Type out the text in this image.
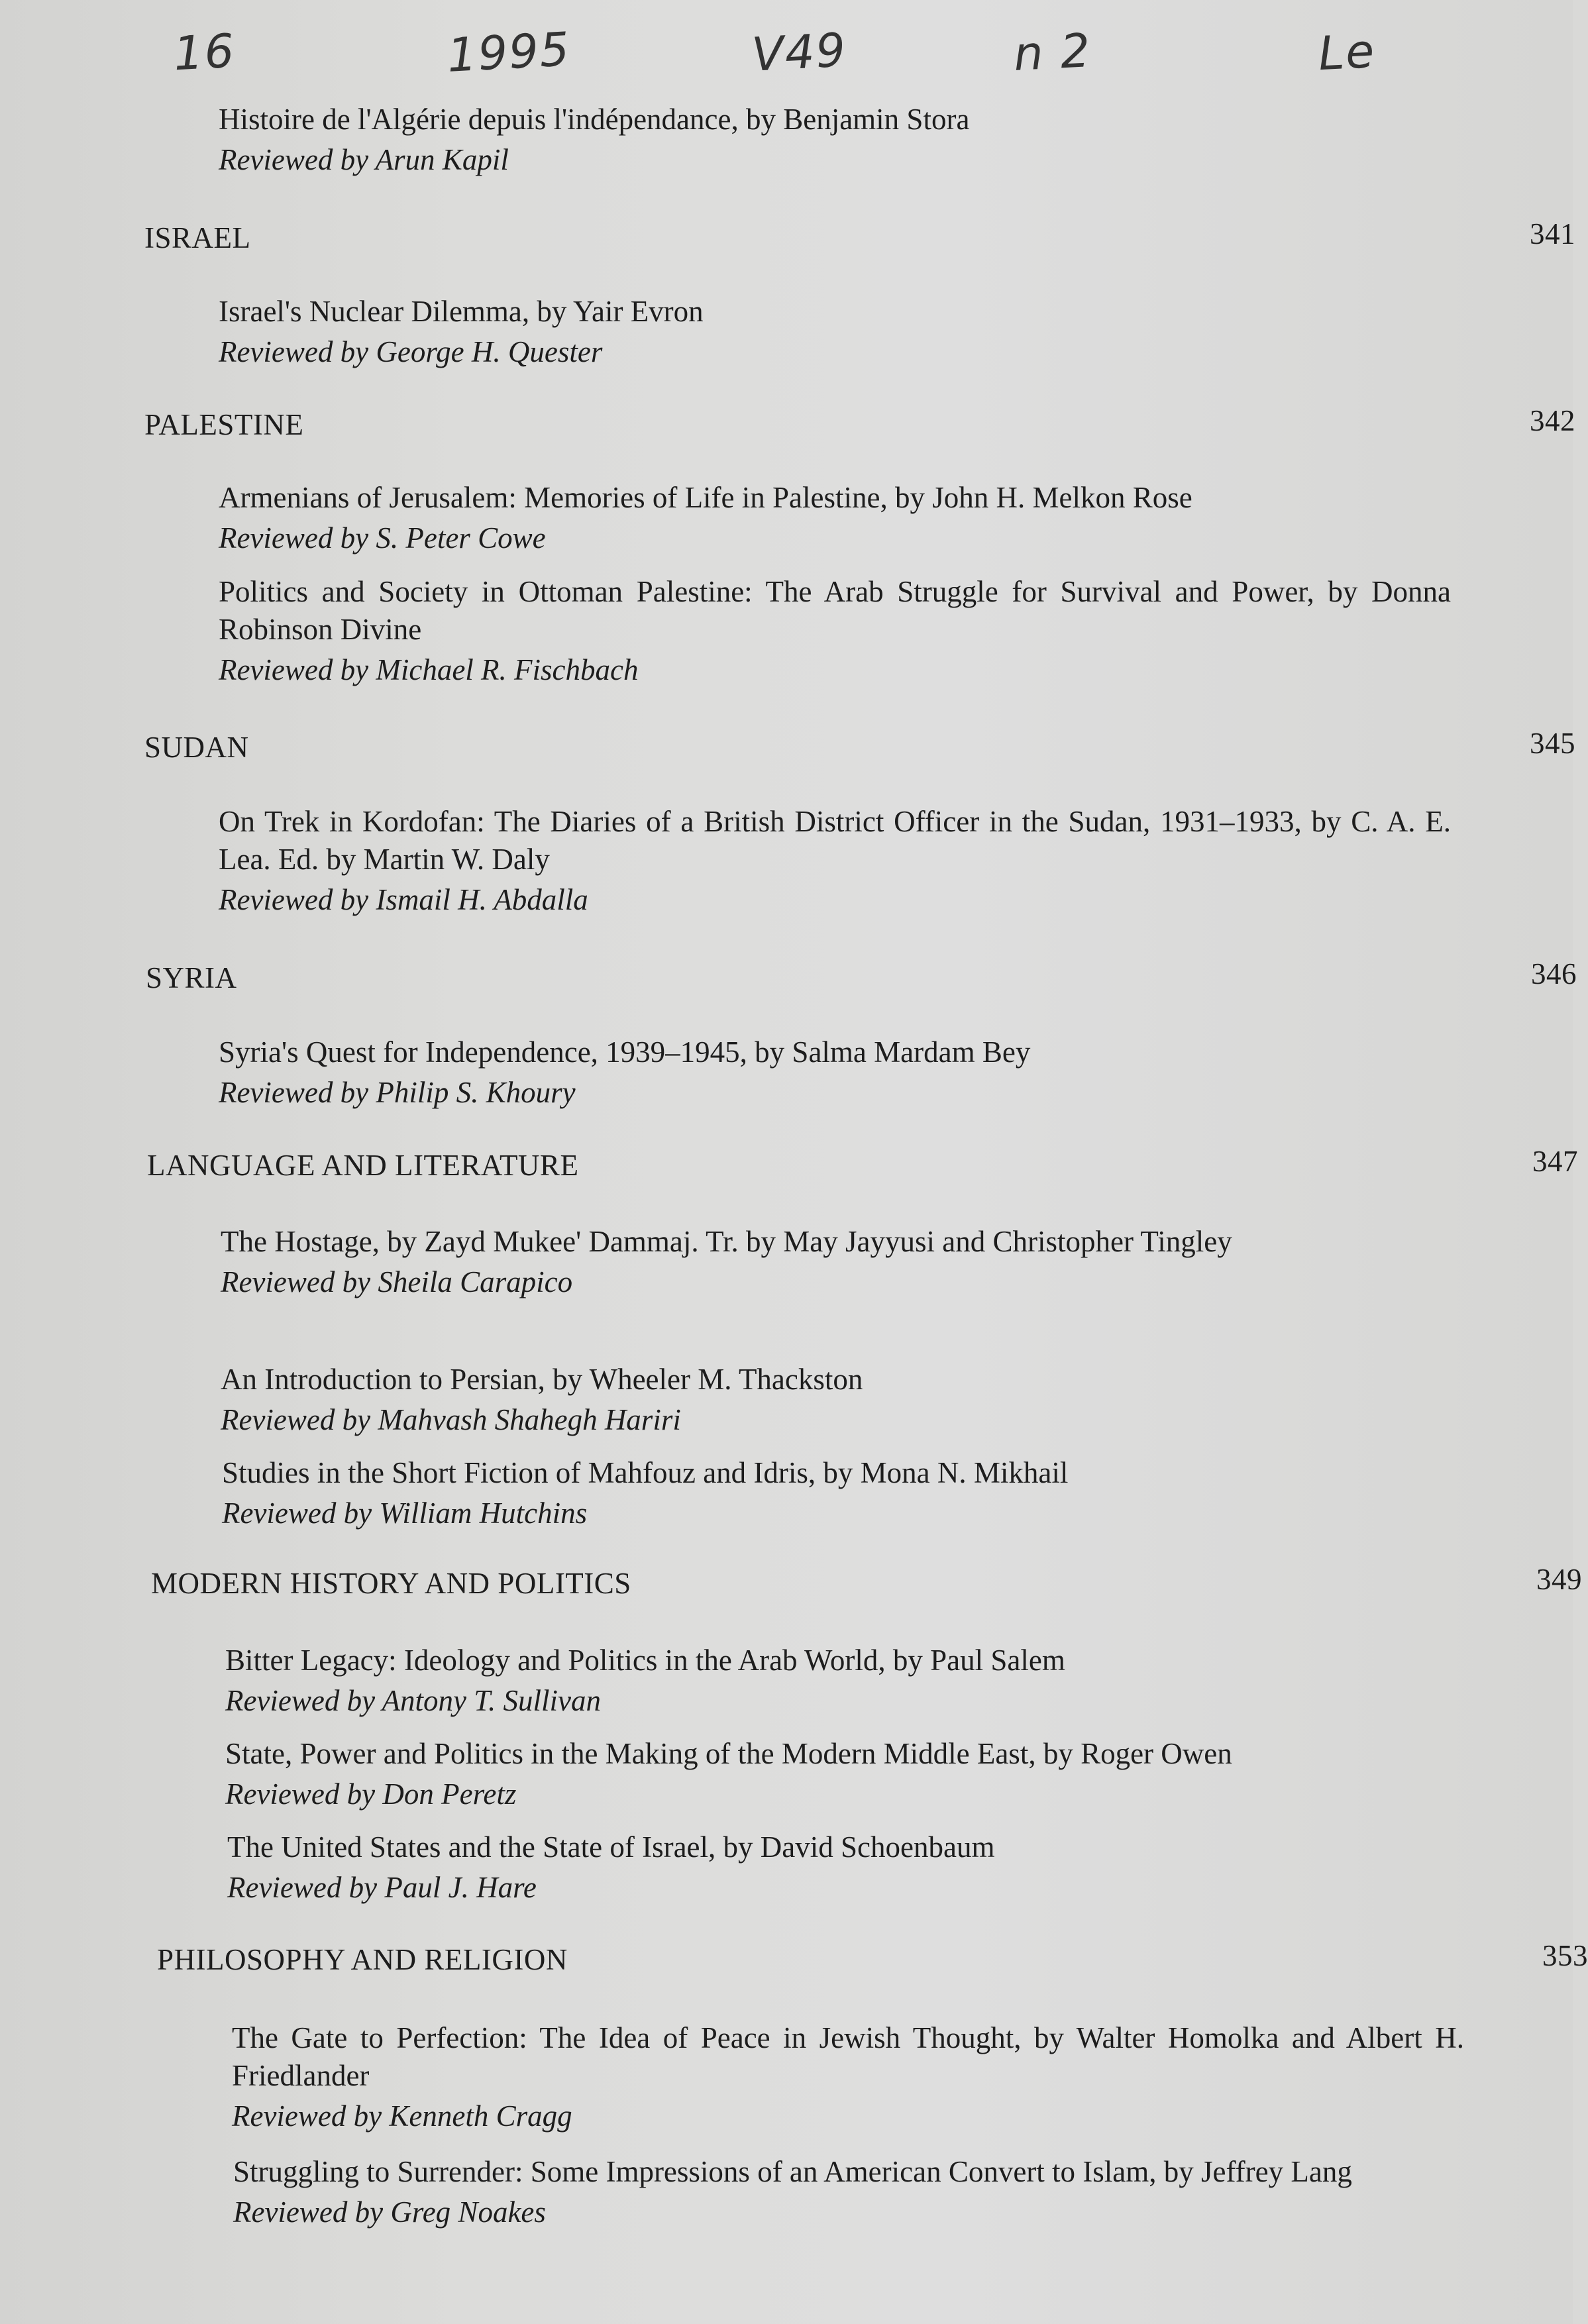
16	1995	V49	n 2	Le
Histoire de l'Algérie depuis l'indépendance, by Benjamin Stora
Reviewed by Arun Kapil
ISRAEL	341
Israel's Nuclear Dilemma, by Yair Evron
Reviewed by George H. Quester
PALESTINE	342
Armenians of Jerusalem: Memories of Life in Palestine, by John H. Melkon Rose
Reviewed by S. Peter Cowe
Politics and Society in Ottoman Palestine: The Arab Struggle for Survival and Power, by Donna Robinson Divine
Reviewed by Michael R. Fischbach
SUDAN	345
On Trek in Kordofan: The Diaries of a British District Officer in the Sudan, 1931–1933, by C. A. E. Lea. Ed. by Martin W. Daly
Reviewed by Ismail H. Abdalla
SYRIA	346
Syria's Quest for Independence, 1939–1945, by Salma Mardam Bey
Reviewed by Philip S. Khoury
LANGUAGE AND LITERATURE	347
The Hostage, by Zayd Mukee' Dammaj. Tr. by May Jayyusi and Christopher Tingley
Reviewed by Sheila Carapico
An Introduction to Persian, by Wheeler M. Thackston
Reviewed by Mahvash Shahegh Hariri
Studies in the Short Fiction of Mahfouz and Idris, by Mona N. Mikhail
Reviewed by William Hutchins
MODERN HISTORY AND POLITICS	349
Bitter Legacy: Ideology and Politics in the Arab World, by Paul Salem
Reviewed by Antony T. Sullivan
State, Power and Politics in the Making of the Modern Middle East, by Roger Owen
Reviewed by Don Peretz
The United States and the State of Israel, by David Schoenbaum
Reviewed by Paul J. Hare
PHILOSOPHY AND RELIGION	353
The Gate to Perfection: The Idea of Peace in Jewish Thought, by Walter Homolka and Albert H. Friedlander
Reviewed by Kenneth Cragg
Struggling to Surrender: Some Impressions of an American Convert to Islam, by Jeffrey Lang
Reviewed by Greg Noakes
